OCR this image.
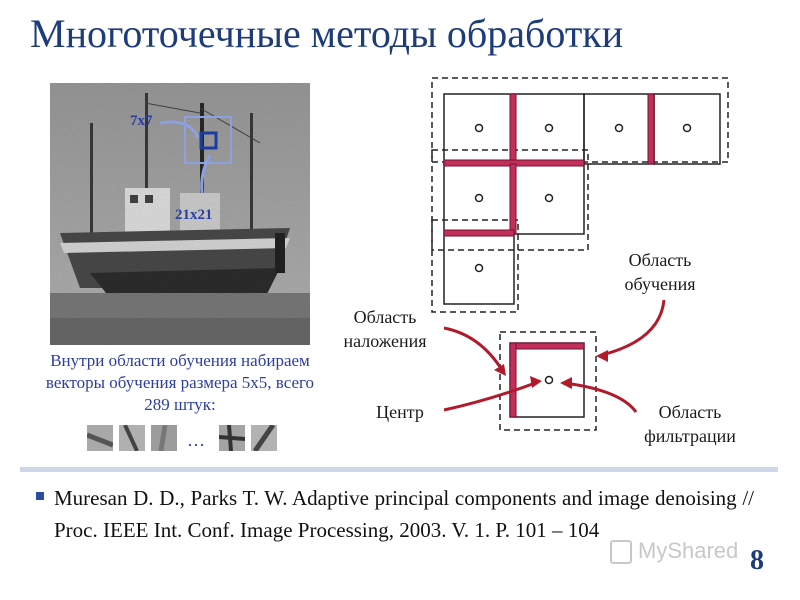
Многоточечные методы обработки
7x7
21x21
Внутри области обучения набираем векторы обучения размера 5x5, всего 289 штук:
…
Область
наложения
Область
обучения
Центр	Область
фильтрации
Muresan D. D., Parks T. W. Adaptive principal components and image denoising // Proc. IEEE Int. Conf. Image Processing, 2003. V. 1. P. 101 – 104
MyShared 8
